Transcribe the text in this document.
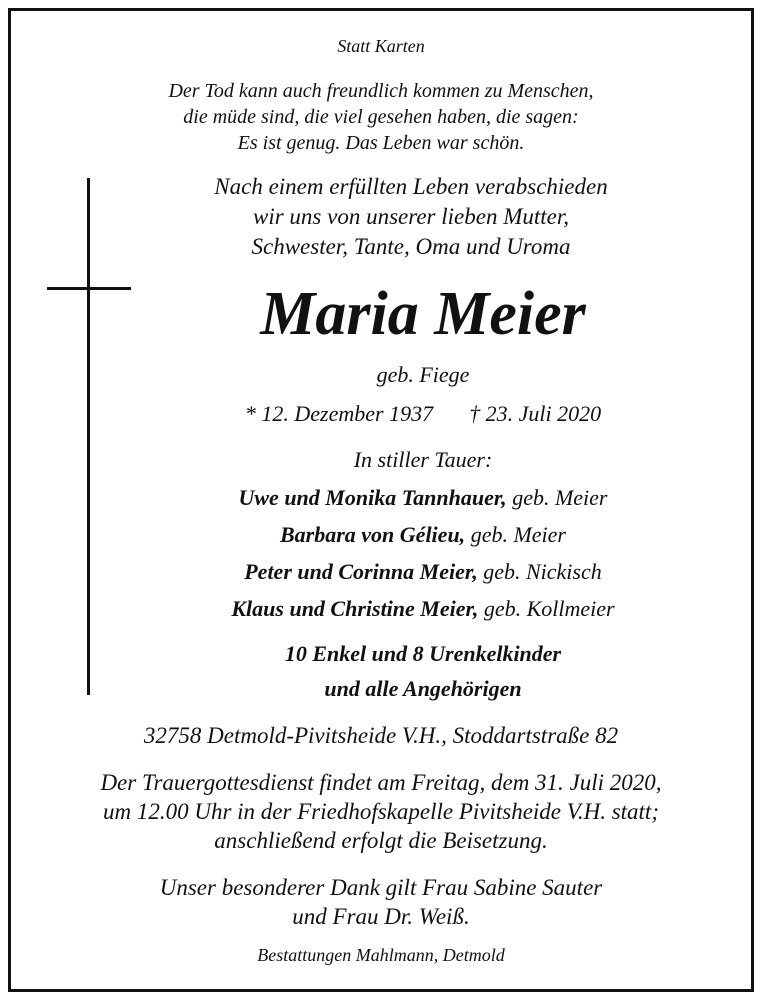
Statt Karten
Der Tod kann auch freundlich kommen zu Menschen,
die müde sind, die viel gesehen haben, die sagen:
Es ist genug. Das Leben war schön.
Nach einem erfüllten Leben verabschieden
wir uns von unserer lieben Mutter,
Schwester, Tante, Oma und Uroma
Maria Meier
geb. Fiege
* 12. Dezember 1937 † 23. Juli 2020
In stiller Tauer:
Uwe und Monika Tannhauer, geb. Meier
Barbara von Gélieu, geb. Meier
Peter und Corinna Meier, geb. Nickisch
Klaus und Christine Meier, geb. Kollmeier
10 Enkel und 8 Urenkelkinder
und alle Angehörigen
32758 Detmold-Pivitsheide V.H., Stoddartstraße 82
Der Trauergottesdienst findet am Freitag, dem 31. Juli 2020,
um 12.00 Uhr in der Friedhofskapelle Pivitsheide V.H. statt;
anschließend erfolgt die Beisetzung.
Unser besonderer Dank gilt Frau Sabine Sauter
und Frau Dr. Weiß.
Bestattungen Mahlmann, Detmold
